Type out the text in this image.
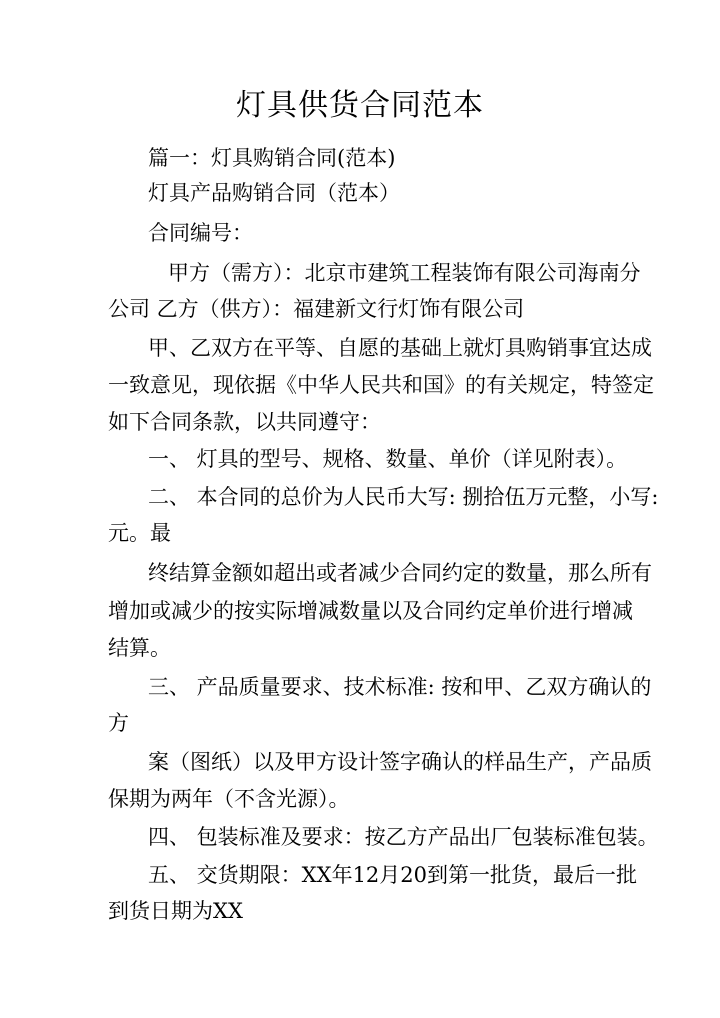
灯具供货合同范本
篇一：灯具购销合同(范本)
灯具产品购销合同（范本）
合同编号：
甲方（需方）：北京市建筑工程装饰有限公司海南分
公司 乙方（供方）：福建新文行灯饰有限公司
甲、乙双方在平等、自愿的基础上就灯具购销事宜达成
一致意见，现依据《中华人民共和国》的有关规定，特签定
如下合同条款，以共同遵守：
一、 灯具的型号、规格、数量、单价（详见附表）。
二、 本合同的总价为人民币大写: 捌拾伍万元整，小写:
元。最
终结算金额如超出或者减少合同约定的数量，那么所有
增加或减少的按实际增减数量以及合同约定单价进行增减
结算。
三、 产品质量要求、技术标准: 按和甲、乙双方确认的
方
案（图纸）以及甲方设计签字确认的样品生产，产品质
保期为两年（不含光源）。
四、 包装标准及要求：按乙方产品出厂包装标准包装。
五、 交货期限：XX年12月20到第一批货，最后一批
到货日期为XX
